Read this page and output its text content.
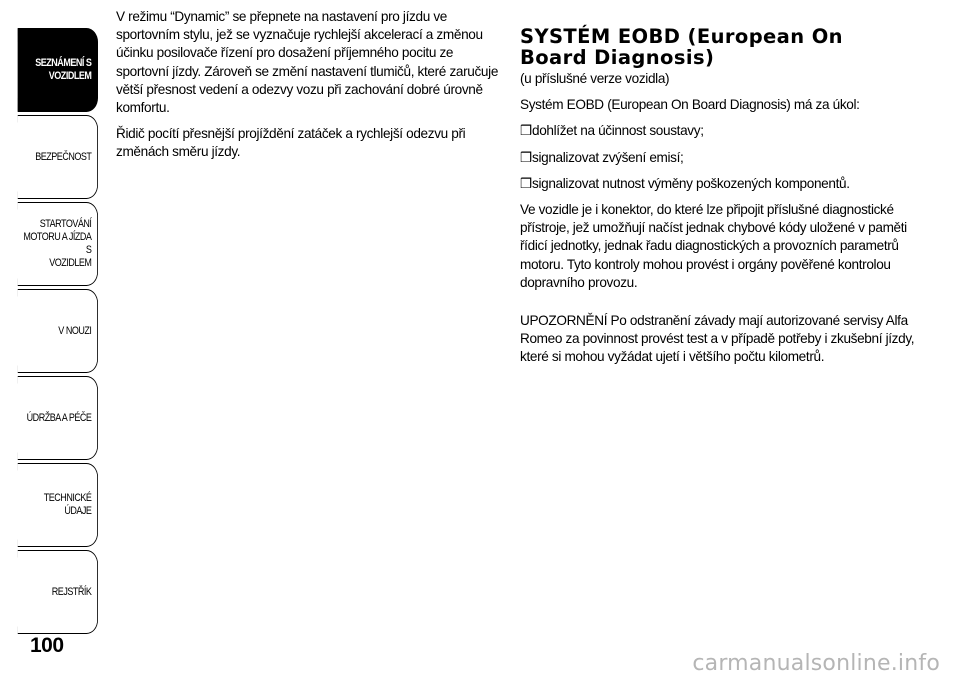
SEZNÁMENÍ S
VOZIDLEM
BEZPEČNOST
STARTOVÁNÍ
MOTORU A JÍZDA S
VOZIDLEM
V NOUZI
ÚDRŽBA A PÉČE
TECHNICKÉ ÚDAJE
REJSTŘÍK
100

V režimu “Dynamic” se přepnete na nastavení pro jízdu ve sportovním stylu, jež se vyznačuje rychlejší akcelerací a změnou účinku posilovače řízení pro dosažení příjemného pocitu ze sportovní jízdy. Zároveň se změní nastavení tlumičů, které zaručuje větší přesnost vedení a odezvy vozu při zachování dobré úrovně komfortu.

Řidič pocítí přesnější projíždění zatáček a rychlejší odezvu při změnách směru jízdy.

SYSTÉM EOBD (European On Board Diagnosis)

(u příslušné verze vozidla)

Systém EOBD (European On Board Diagnosis) má za úkol:

❒dohlížet na účinnost soustavy;

❒signalizovat zvýšení emisí;

❒signalizovat nutnost výměny poškozených komponentů.

Ve vozidle je i konektor, do které lze připojit příslušné diagnostické přístroje, jež umožňují načíst jednak chybové kódy uložené v paměti řídicí jednotky, jednak řadu diagnostických a provozních parametrů motoru. Tyto kontroly mohou provést i orgány pověřené kontrolou dopravního provozu.

UPOZORNĚNÍ Po odstranění závady mají autorizované servisy Alfa Romeo za povinnost provést test a v případě potřeby i zkušební jízdy, které si mohou vyžádat ujetí i většího počtu kilometrů.

carmanualsonline.info
